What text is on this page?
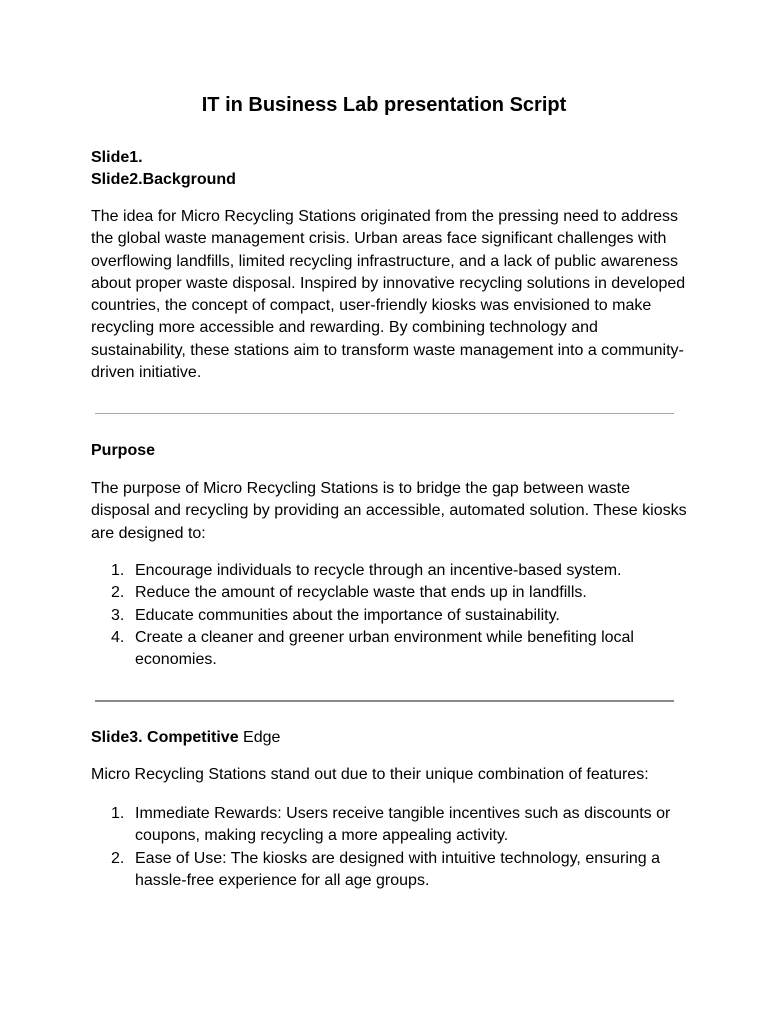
IT in Business Lab presentation Script

Slide1.

Slide2.Background

The idea for Micro Recycling Stations originated from the pressing need to address the global waste management crisis. Urban areas face significant challenges with overflowing landfills, limited recycling infrastructure, and a lack of public awareness about proper waste disposal. Inspired by innovative recycling solutions in developed countries, the concept of compact, user-friendly kiosks was envisioned to make recycling more accessible and rewarding. By combining technology and sustainability, these stations aim to transform waste management into a community-driven initiative.

Purpose

The purpose of Micro Recycling Stations is to bridge the gap between waste disposal and recycling by providing an accessible, automated solution. These kiosks are designed to:

1. Encourage individuals to recycle through an incentive-based system.
2. Reduce the amount of recyclable waste that ends up in landfills.
3. Educate communities about the importance of sustainability.
4. Create a cleaner and greener urban environment while benefiting local economies.

Slide3. Competitive Edge

Micro Recycling Stations stand out due to their unique combination of features:

1. Immediate Rewards: Users receive tangible incentives such as discounts or coupons, making recycling a more appealing activity.
2. Ease of Use: The kiosks are designed with intuitive technology, ensuring a hassle-free experience for all age groups.
